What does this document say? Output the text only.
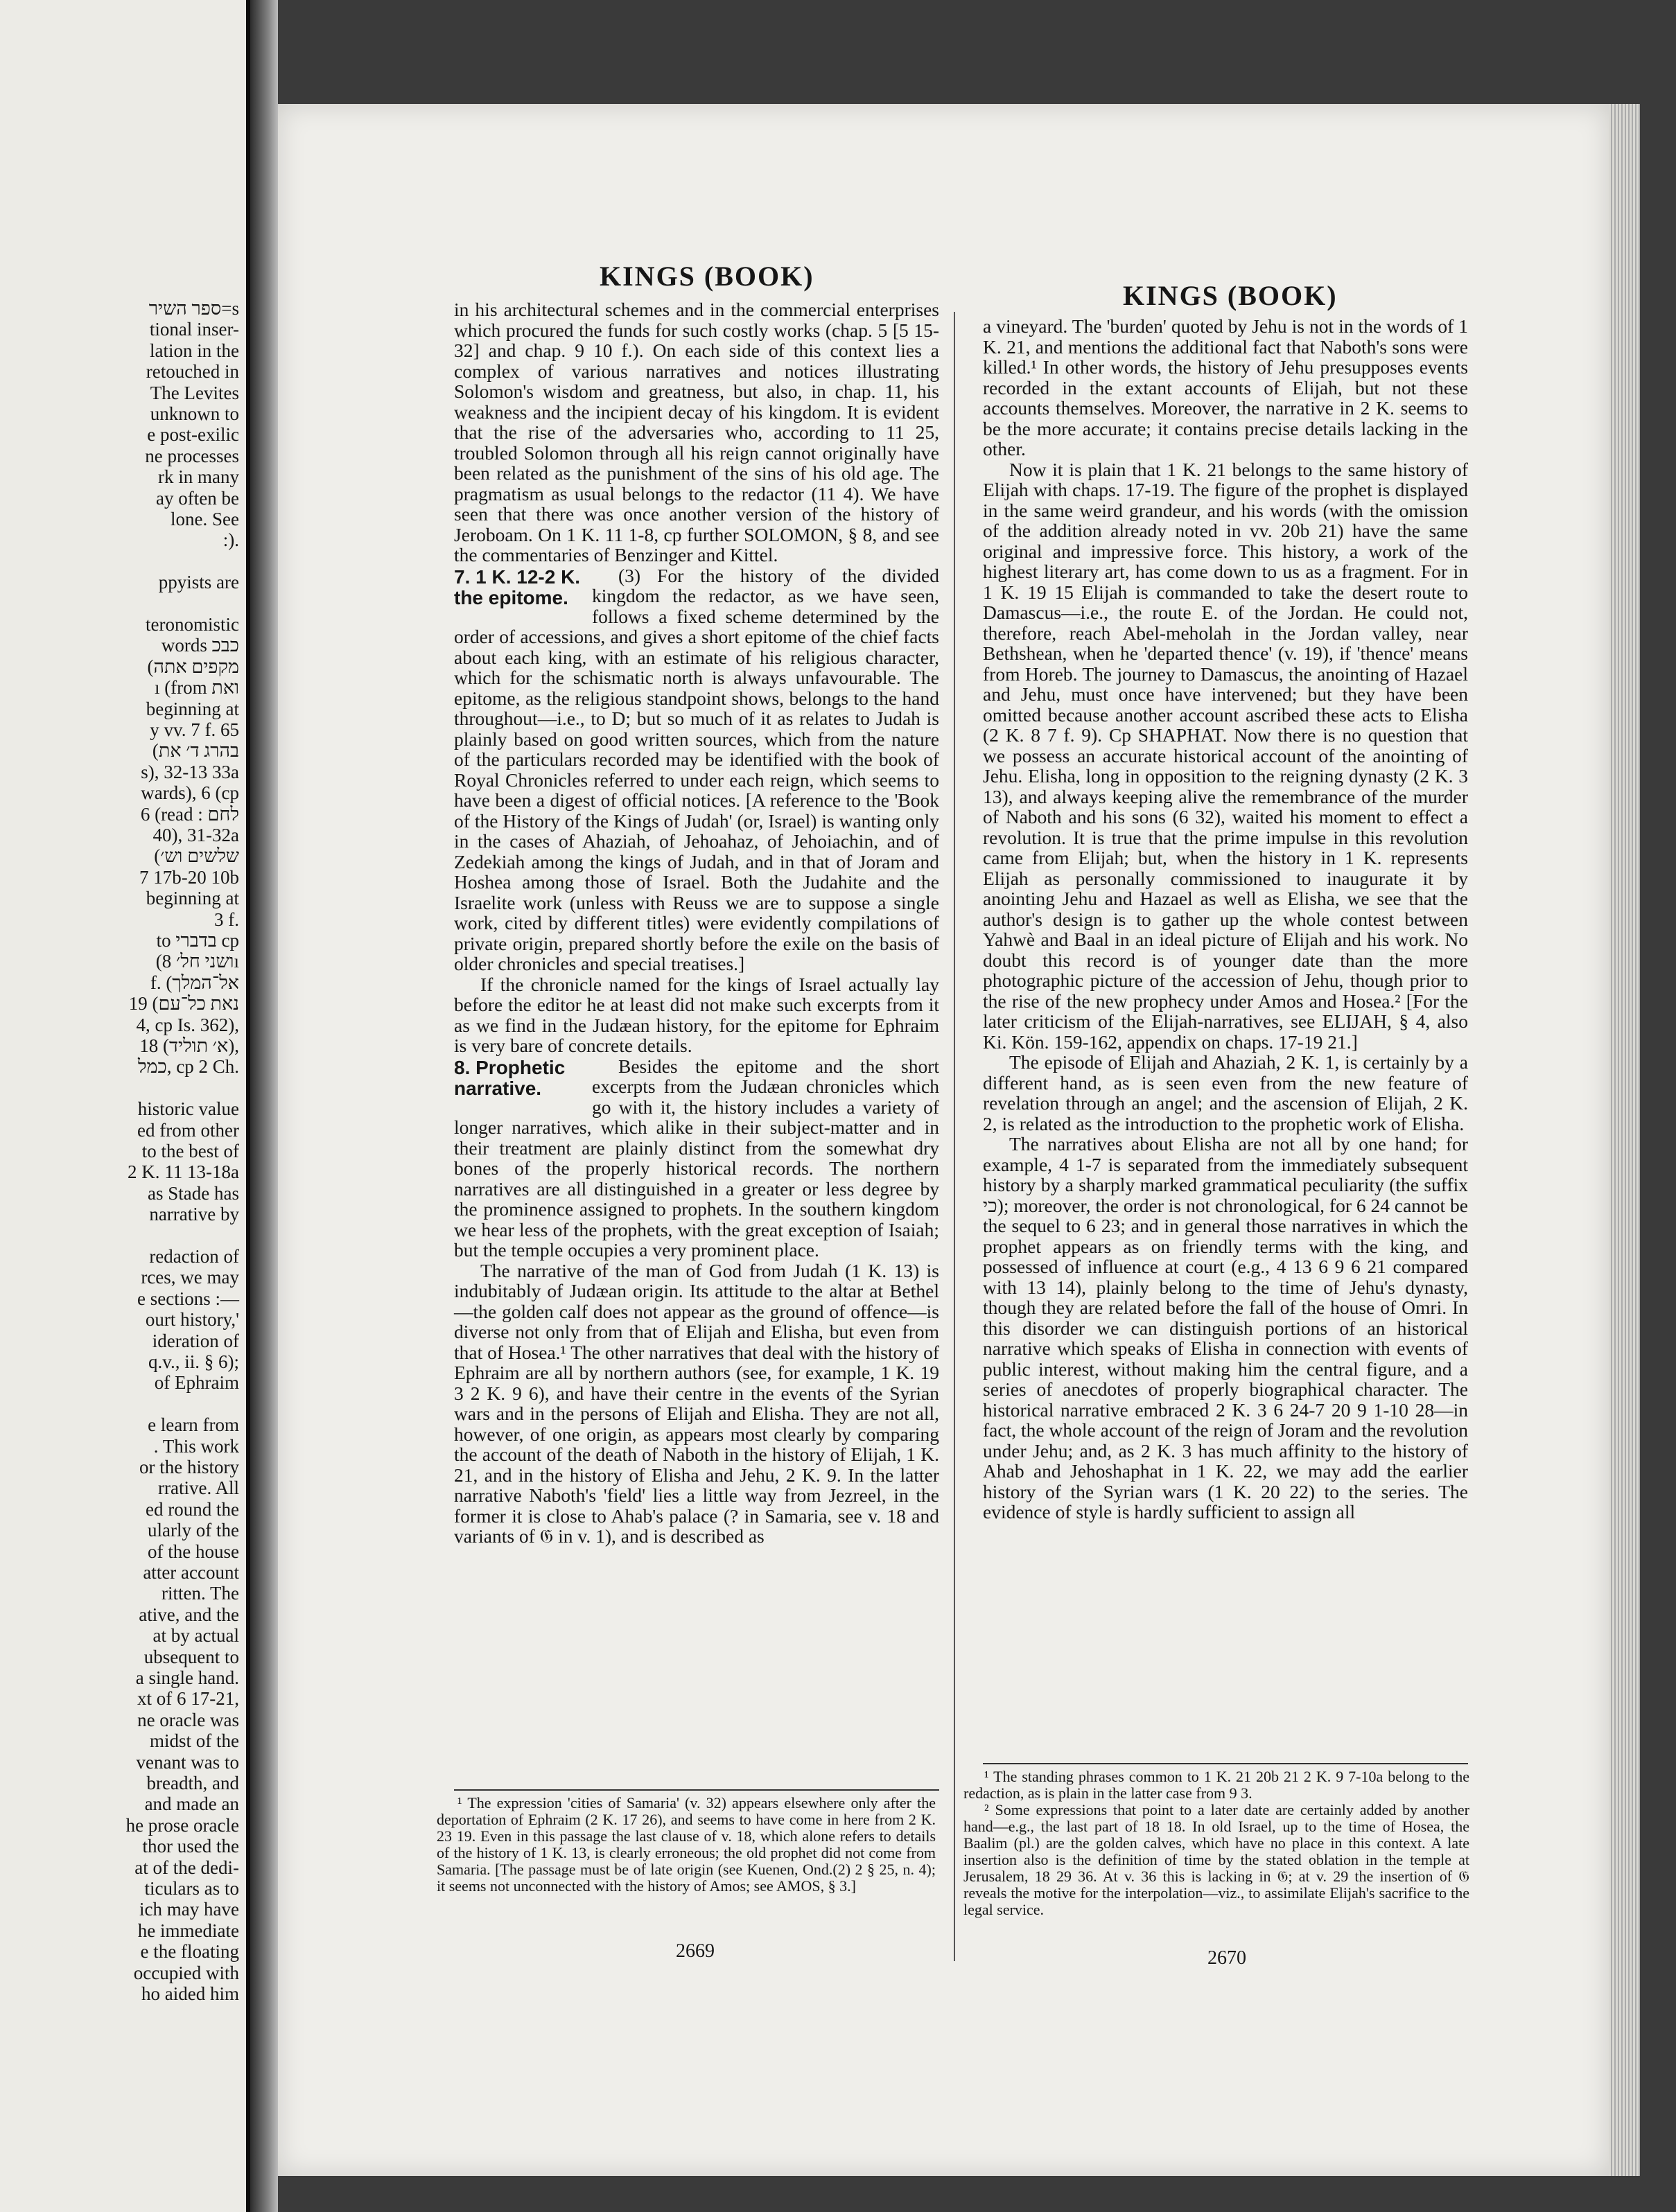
ספר השיר=s
tional inser-
lation in the
retouched in
The Levites
unknown to
e post-exilic
ne processes
rk in many
ay often be
lone. See
:).
ppyists are
teronomistic
words כבכ
(מקפים אתה
ı (from ואת
beginning at
y vv. 7 f. 65
(בהרג ד׳ את
s), 32-13 33a
wards), 6 (cp
6 (read : לחם
40), 31-32a
(שלשים וש׳
7 17b-20 10b
beginning at
3 f.
to בדברי cp
(ושני חל׳ 8ı
f. (אל־המלך
19 (נאת כל־עם
4, cp Is. 362),
18 (א׳ תוליד),
כמל, cp 2 Ch.
historic value
ed from other
to the best of
2 K. 11 13-18a
as Stade has
narrative by
redaction of
rces, we may
e sections :—
ourt history,'
ideration of
q.v., ii. § 6);
of Ephraim
e learn from
. This work
or the history
rrative. All
ed round the
ularly of the
of the house
atter account
ritten. The
ative, and the
at by actual
ubsequent to
a single hand.
xt of 6 17-21,
ne oracle was
midst of the
venant was to
breadth, and
and made an
he prose oracle
thor used the
at of the dedi-
ticulars as to
ich may have
he immediate
e the floating
occupied with
ho aided him
KINGS (BOOK)
KINGS (BOOK)

in his architectural schemes and in the commercial enterprises which procured the funds for such costly works (chap. 5 [5 15-32] and chap. 9 10 f.). On each side of this context lies a complex of various narratives and notices illustrating Solomon's wisdom and greatness, but also, in chap. 11, his weakness and the incipient decay of his kingdom. It is evident that the rise of the adversaries who, according to 11 25, troubled Solomon through all his reign cannot originally have been related as the punishment of the sins of his old age. The pragmatism as usual belongs to the redactor (11 4). We have seen that there was once another version of the history of Jeroboam. On 1 K. 11 1-8, cp further SOLOMON, § 8, and see the commentaries of Benzinger and Kittel.

7. 1 K. 12-2 K.
the epitome.
(3) For the history of the divided kingdom the redactor, as we have seen, follows a fixed scheme determined by the order of accessions, and gives a short epitome of the chief facts about each king, with an estimate of his religious character, which for the schismatic north is always unfavourable. The epitome, as the religious standpoint shows, belongs to the hand throughout—i.e., to D; but so much of it as relates to Judah is plainly based on good written sources, which from the nature of the particulars recorded may be identified with the book of Royal Chronicles referred to under each reign, which seems to have been a digest of official notices. [A reference to the 'Book of the History of the Kings of Judah' (or, Israel) is wanting only in the cases of Ahaziah, of Jehoahaz, of Jehoiachin, and of Zedekiah among the kings of Judah, and in that of Joram and Hoshea among those of Israel. Both the Judahite and the Israelite work (unless with Reuss we are to suppose a single work, cited by different titles) were evidently compilations of private origin, prepared shortly before the exile on the basis of older chronicles and special treatises.]

If the chronicle named for the kings of Israel actually lay before the editor he at least did not make such excerpts from it as we find in the Judæan history, for the epitome for Ephraim is very bare of concrete details.

8. Prophetic
narrative.
Besides the epitome and the short excerpts from the Judæan chronicles which go with it, the history includes a variety of longer narratives, which alike in their subject-matter and in their treatment are plainly distinct from the somewhat dry bones of the properly historical records. The northern narratives are all distinguished in a greater or less degree by the prominence assigned to prophets. In the southern kingdom we hear less of the prophets, with the great exception of Isaiah; but the temple occupies a very prominent place.

The narrative of the man of God from Judah (1 K. 13) is indubitably of Judæan origin. Its attitude to the altar at Bethel—the golden calf does not appear as the ground of offence—is diverse not only from that of Elijah and Elisha, but even from that of Hosea.¹ The other narratives that deal with the history of Ephraim are all by northern authors (see, for example, 1 K. 19 3 2 K. 9 6), and have their centre in the events of the Syrian wars and in the persons of Elijah and Elisha. They are not all, however, of one origin, as appears most clearly by comparing the account of the death of Naboth in the history of Elijah, 1 K. 21, and in the history of Elisha and Jehu, 2 K. 9. In the latter narrative Naboth's 'field' lies a little way from Jezreel, in the former it is close to Ahab's palace (? in Samaria, see v. 18 and variants of 𝔊 in v. 1), and is described as

¹ The expression 'cities of Samaria' (v. 32) appears elsewhere only after the deportation of Ephraim (2 K. 17 26), and seems to have come in here from 2 K. 23 19. Even in this passage the last clause of v. 18, which alone refers to details of the history of 1 K. 13, is clearly erroneous; the old prophet did not come from Samaria. [The passage must be of late origin (see Kuenen, Ond.(2) 2 § 25, n. 4); it seems not unconnected with the history of Amos; see AMOS, § 3.]

a vineyard. The 'burden' quoted by Jehu is not in the words of 1 K. 21, and mentions the additional fact that Naboth's sons were killed.¹ In other words, the history of Jehu presupposes events recorded in the extant accounts of Elijah, but not these accounts themselves. Moreover, the narrative in 2 K. seems to be the more accurate; it contains precise details lacking in the other.

Now it is plain that 1 K. 21 belongs to the same history of Elijah with chaps. 17-19. The figure of the prophet is displayed in the same weird grandeur, and his words (with the omission of the addition already noted in vv. 20b 21) have the same original and impressive force. This history, a work of the highest literary art, has come down to us as a fragment. For in 1 K. 19 15 Elijah is commanded to take the desert route to Damascus—i.e., the route E. of the Jordan. He could not, therefore, reach Abel-meholah in the Jordan valley, near Bethshean, when he 'departed thence' (v. 19), if 'thence' means from Horeb. The journey to Damascus, the anointing of Hazael and Jehu, must once have intervened; but they have been omitted because another account ascribed these acts to Elisha (2 K. 8 7 f. 9). Cp SHAPHAT. Now there is no question that we possess an accurate historical account of the anointing of Jehu. Elisha, long in opposition to the reigning dynasty (2 K. 3 13), and always keeping alive the remembrance of the murder of Naboth and his sons (6 32), waited his moment to effect a revolution. It is true that the prime impulse in this revolution came from Elijah; but, when the history in 1 K. represents Elijah as personally commissioned to inaugurate it by anointing Jehu and Hazael as well as Elisha, we see that the author's design is to gather up the whole contest between Yahwè and Baal in an ideal picture of Elijah and his work. No doubt this record is of younger date than the more photographic picture of the accession of Jehu, though prior to the rise of the new prophecy under Amos and Hosea.² [For the later criticism of the Elijah-narratives, see ELIJAH, § 4, also Ki. Kön. 159-162, appendix on chaps. 17-19 21.]

The episode of Elijah and Ahaziah, 2 K. 1, is certainly by a different hand, as is seen even from the new feature of revelation through an angel; and the ascension of Elijah, 2 K. 2, is related as the introduction to the prophetic work of Elisha.

The narratives about Elisha are not all by one hand; for example, 4 1-7 is separated from the immediately subsequent history by a sharply marked grammatical peculiarity (the suffix כי); moreover, the order is not chronological, for 6 24 cannot be the sequel to 6 23; and in general those narratives in which the prophet appears as on friendly terms with the king, and possessed of influence at court (e.g., 4 13 6 9 6 21 compared with 13 14), plainly belong to the time of Jehu's dynasty, though they are related before the fall of the house of Omri. In this disorder we can distinguish portions of an historical narrative which speaks of Elisha in connection with events of public interest, without making him the central figure, and a series of anecdotes of properly biographical character. The historical narrative embraced 2 K. 3 6 24-7 20 9 1-10 28—in fact, the whole account of the reign of Joram and the revolution under Jehu; and, as 2 K. 3 has much affinity to the history of Ahab and Jehoshaphat in 1 K. 22, we may add the earlier history of the Syrian wars (1 K. 20 22) to the series. The evidence of style is hardly sufficient to assign all

¹ The standing phrases common to 1 K. 21 20b 21 2 K. 9 7-10a belong to the redaction, as is plain in the latter case from 9 3.

² Some expressions that point to a later date are certainly added by another hand—e.g., the last part of 18 18. In old Israel, up to the time of Hosea, the Baalim (pl.) are the golden calves, which have no place in this context. A late insertion also is the definition of time by the stated oblation in the temple at Jerusalem, 18 29 36. At v. 36 this is lacking in 𝔊; at v. 29 the insertion of 𝔊 reveals the motive for the interpolation—viz., to assimilate Elijah's sacrifice to the legal service.

2669	2670
